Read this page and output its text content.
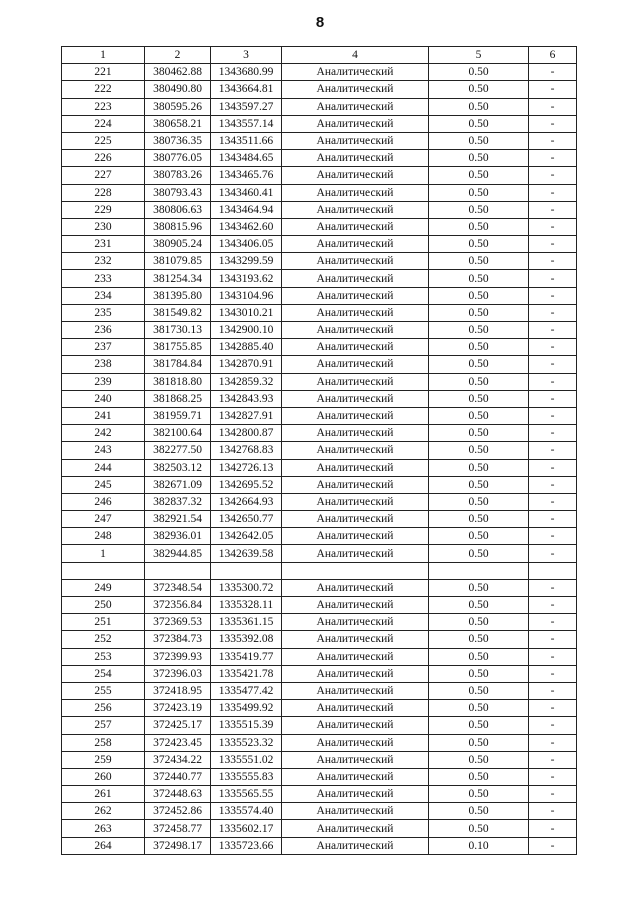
8
1	2	3	4	5	6
221	380462.88	1343680.99	Аналитический	0.50	-
222	380490.80	1343664.81	Аналитический	0.50	-
223	380595.26	1343597.27	Аналитический	0.50	-
224	380658.21	1343557.14	Аналитический	0.50	-
225	380736.35	1343511.66	Аналитический	0.50	-
226	380776.05	1343484.65	Аналитический	0.50	-
227	380783.26	1343465.76	Аналитический	0.50	-
228	380793.43	1343460.41	Аналитический	0.50	-
229	380806.63	1343464.94	Аналитический	0.50	-
230	380815.96	1343462.60	Аналитический	0.50	-
231	380905.24	1343406.05	Аналитический	0.50	-
232	381079.85	1343299.59	Аналитический	0.50	-
233	381254.34	1343193.62	Аналитический	0.50	-
234	381395.80	1343104.96	Аналитический	0.50	-
235	381549.82	1343010.21	Аналитический	0.50	-
236	381730.13	1342900.10	Аналитический	0.50	-
237	381755.85	1342885.40	Аналитический	0.50	-
238	381784.84	1342870.91	Аналитический	0.50	-
239	381818.80	1342859.32	Аналитический	0.50	-
240	381868.25	1342843.93	Аналитический	0.50	-
241	381959.71	1342827.91	Аналитический	0.50	-
242	382100.64	1342800.87	Аналитический	0.50	-
243	382277.50	1342768.83	Аналитический	0.50	-
244	382503.12	1342726.13	Аналитический	0.50	-
245	382671.09	1342695.52	Аналитический	0.50	-
246	382837.32	1342664.93	Аналитический	0.50	-
247	382921.54	1342650.77	Аналитический	0.50	-
248	382936.01	1342642.05	Аналитический	0.50	-
1	382944.85	1342639.58	Аналитический	0.50	-

249	372348.54	1335300.72	Аналитический	0.50	-
250	372356.84	1335328.11	Аналитический	0.50	-
251	372369.53	1335361.15	Аналитический	0.50	-
252	372384.73	1335392.08	Аналитический	0.50	-
253	372399.93	1335419.77	Аналитический	0.50	-
254	372396.03	1335421.78	Аналитический	0.50	-
255	372418.95	1335477.42	Аналитический	0.50	-
256	372423.19	1335499.92	Аналитический	0.50	-
257	372425.17	1335515.39	Аналитический	0.50	-
258	372423.45	1335523.32	Аналитический	0.50	-
259	372434.22	1335551.02	Аналитический	0.50	-
260	372440.77	1335555.83	Аналитический	0.50	-
261	372448.63	1335565.55	Аналитический	0.50	-
262	372452.86	1335574.40	Аналитический	0.50	-
263	372458.77	1335602.17	Аналитический	0.50	-
264	372498.17	1335723.66	Аналитический	0.10	-
